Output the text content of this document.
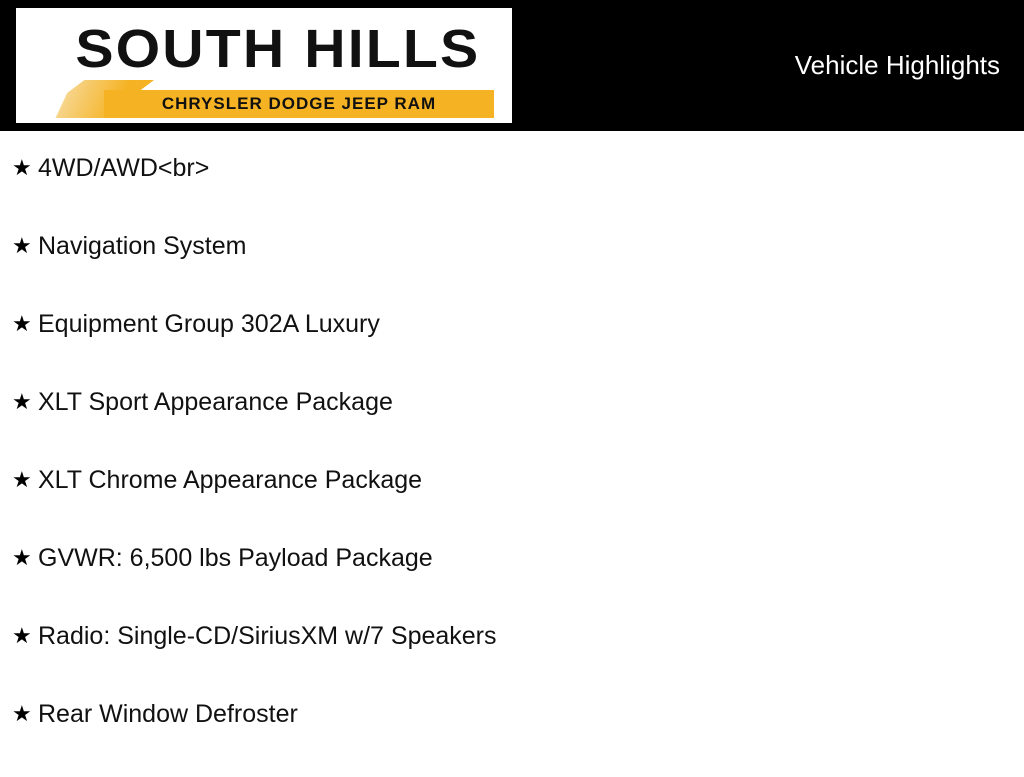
SOUTH HILLS
CHRYSLER DODGE JEEP RAM
Vehicle Highlights
★ 4WD/AWD<br>
★ Navigation System
★ Equipment Group 302A Luxury
★ XLT Sport Appearance Package
★ XLT Chrome Appearance Package
★ GVWR: 6,500 lbs Payload Package
★ Radio: Single-CD/SiriusXM w/7 Speakers
★ Rear Window Defroster
